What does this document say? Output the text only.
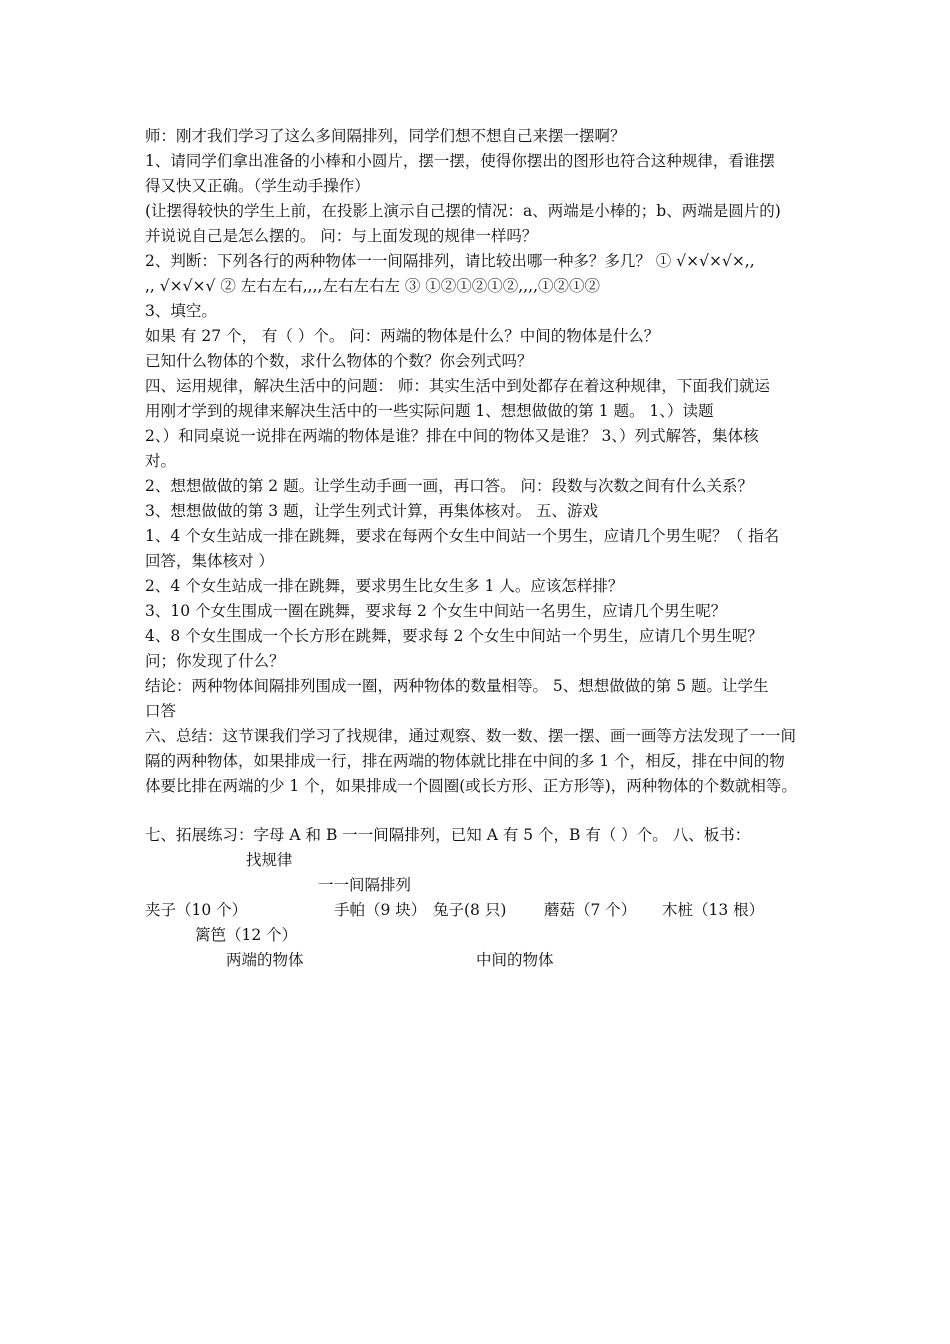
师：刚才我们学习了这么多间隔排列，同学们想不想自己来摆一摆啊？
1、请同学们拿出准备的小棒和小圆片，摆一摆，使得你摆出的图形也符合这种规律，看谁摆
得又快又正确。（学生动手操作）
(让摆得较快的学生上前，在投影上演示自己摆的情况：a、两端是小棒的；b、两端是圆片的)
并说说自己是怎么摆的。 问：与上面发现的规律一样吗？
2、判断：下列各行的两种物体一一间隔排列，请比较出哪一种多？多几？ ① √×√×√×,,
,, √×√×√ ② 左右左右,,,,左右左右左 ③ ①②①②①②,,,,①②①②
3、填空。
如果 有 27 个， 有（ ）个。 问：两端的物体是什么？中间的物体是什么？
已知什么物体的个数，求什么物体的个数？你会列式吗？
四、运用规律，解决生活中的问题： 师：其实生活中到处都存在着这种规律，下面我们就运
用刚才学到的规律来解决生活中的一些实际问题 1、想想做做的第 1 题。 1、）读题
2、）和同桌说一说排在两端的物体是谁？排在中间的物体又是谁？ 3、）列式解答，集体核
对。
2、想想做做的第 2 题。让学生动手画一画，再口答。 问：段数与次数之间有什么关系？
3、想想做做的第 3 题，让学生列式计算，再集体核对。 五、游戏
1、4 个女生站成一排在跳舞，要求在每两个女生中间站一个男生，应请几个男生呢？（ 指名
回答，集体核对 ）
2、4 个女生站成一排在跳舞，要求男生比女生多 1 人。应该怎样排？
3、10 个女生围成一圈在跳舞，要求每 2 个女生中间站一名男生，应请几个男生呢？
4、8 个女生围成一个长方形在跳舞，要求每 2 个女生中间站一个男生，应请几个男生呢？
问；你发现了什么？
结论：两种物体间隔排列围成一圈，两种物体的数量相等。 5、想想做做的第 5 题。让学生
口答
六、总结：这节课我们学习了找规律，通过观察、数一数、摆一摆、画一画等方法发现了一一间
隔的两种物体，如果排成一行，排在两端的物体就比排在中间的多 1 个，相反，排在中间的物
体要比排在两端的少 1 个，如果排成一个圆圈(或长方形、正方形等)，两种物体的个数就相等。
七、拓展练习：字母 A 和 B 一一间隔排列，已知 A 有 5 个，B 有（ ）个。 八、板书：
找规律
一一间隔排列
夹子（10 个）	手帕（9 块） 兔子(8 只) 蘑菇（7 个） 木桩（13 根）
篱笆（12 个）
两端的物体	中间的物体
